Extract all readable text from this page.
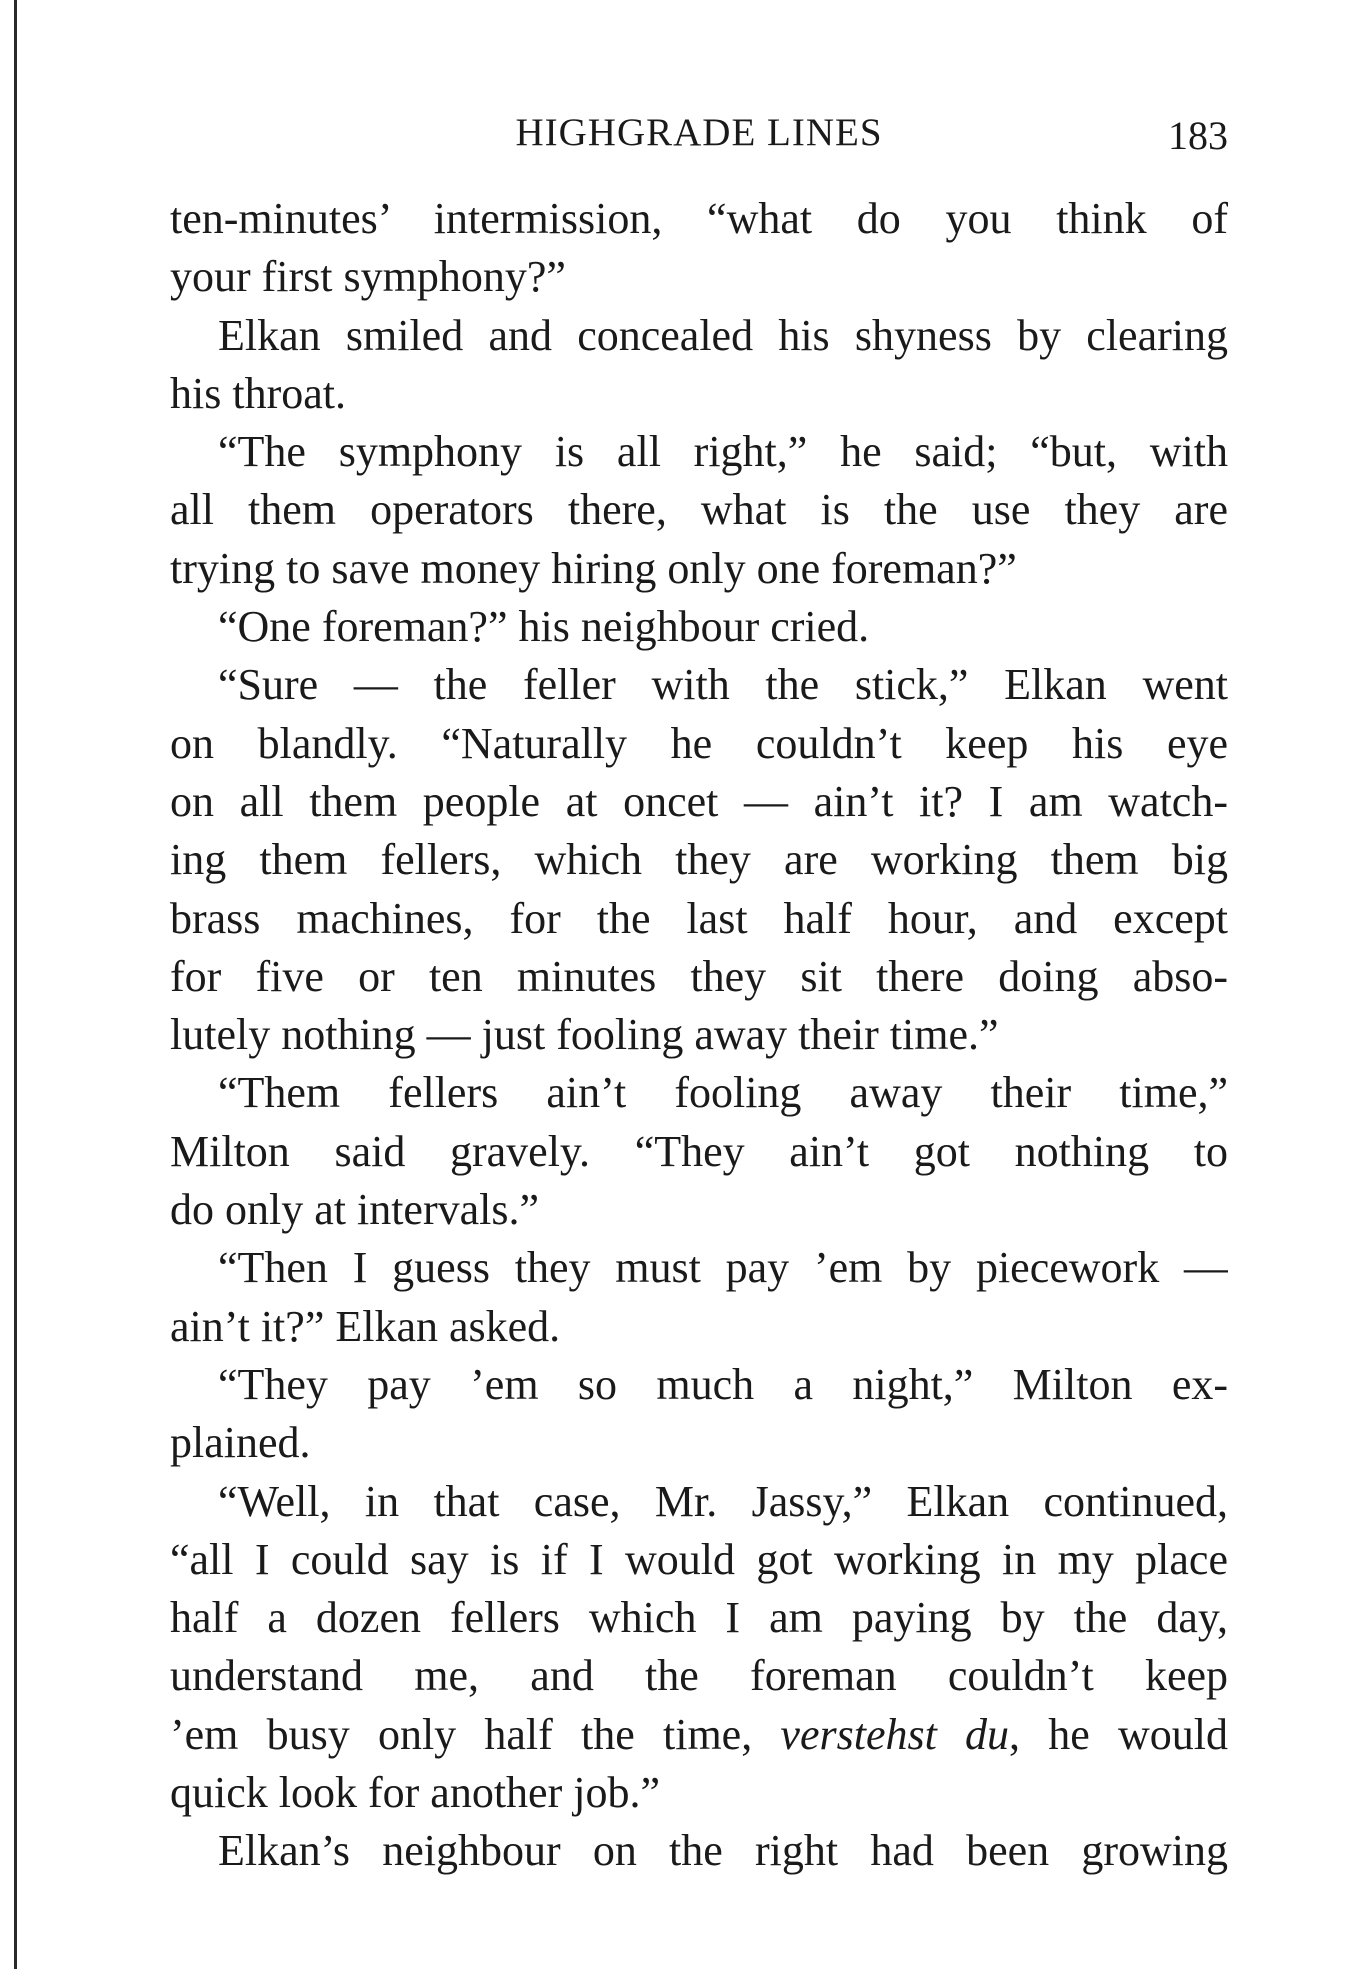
HIGHGRADE LINES	183
ten-minutes’ intermission, “what do you think of
your first symphony?”
Elkan smiled and concealed his shyness by clearing
his throat.
“The symphony is all right,” he said; “but, with
all them operators there, what is the use they are
trying to save money hiring only one foreman?”
“One foreman?” his neighbour cried.
“Sure — the feller with the stick,” Elkan went
on blandly. “Naturally he couldn’t keep his eye
on all them people at oncet — ain’t it? I am watch-
ing them fellers, which they are working them big
brass machines, for the last half hour, and except
for five or ten minutes they sit there doing abso-
lutely nothing — just fooling away their time.”
“Them fellers ain’t fooling away their time,”
Milton said gravely. “They ain’t got nothing to
do only at intervals.”
“Then I guess they must pay ’em by piecework —
ain’t it?” Elkan asked.
“They pay ’em so much a night,” Milton ex-
plained.
“Well, in that case, Mr. Jassy,” Elkan continued,
“all I could say is if I would got working in my place
half a dozen fellers which I am paying by the day,
understand me, and the foreman couldn’t keep
’em busy only half the time, verstehst du, he would
quick look for another job.”
Elkan’s neighbour on the right had been growing
